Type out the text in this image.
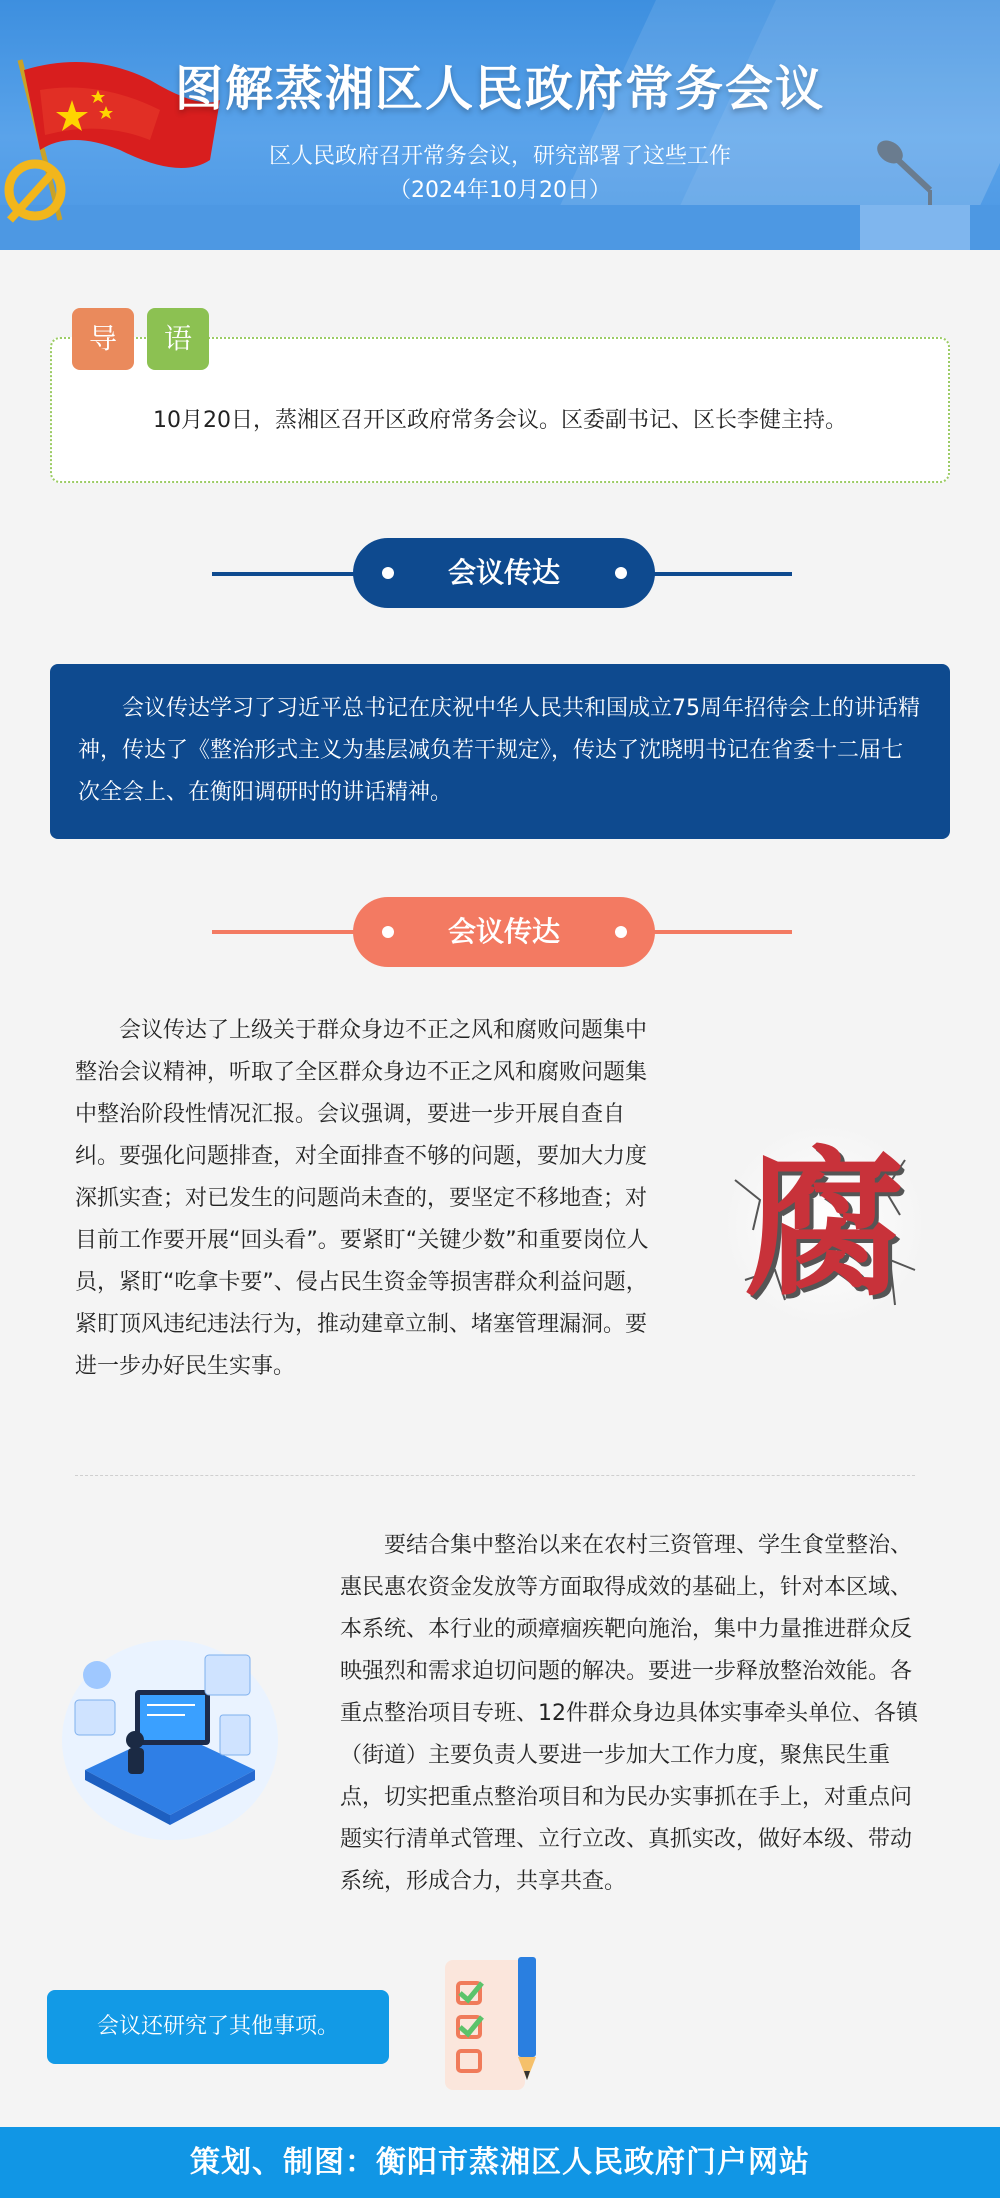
图解蒸湘区人民政府常务会议
区人民政府召开常务会议，研究部署了这些工作
（2024年10月20日）
导	语
10月20日，蒸湘区召开区政府常务会议。区委副书记、区长李健主持。
会议传达
会议传达学习了习近平总书记在庆祝中华人民共和国成立75周年招待会上的讲话精神，传达了《整治形式主义为基层减负若干规定》，传达了沈晓明书记在省委十二届七次全会上、在衡阳调研时的讲话精神。
会议传达
会议传达了上级关于群众身边不正之风和腐败问题集中整治会议精神，听取了全区群众身边不正之风和腐败问题集中整治阶段性情况汇报。会议强调，要进一步开展自查自纠。要强化问题排查，对全面排查不够的问题，要加大力度深抓实查；对已发生的问题尚未查的，要坚定不移地查；对目前工作要开展“回头看”。要紧盯“关键少数”和重要岗位人员，紧盯“吃拿卡要”、侵占民生资金等损害群众利益问题，紧盯顶风违纪违法行为，推动建章立制、堵塞管理漏洞。要进一步办好民生实事。
腐
要结合集中整治以来在农村三资管理、学生食堂整治、惠民惠农资金发放等方面取得成效的基础上，针对本区域、本系统、本行业的顽瘴痼疾靶向施治，集中力量推进群众反映强烈和需求迫切问题的解决。要进一步释放整治效能。各重点整治项目专班、12件群众身边具体实事牵头单位、各镇（街道）主要负责人要进一步加大工作力度，聚焦民生重点，切实把重点整治项目和为民办实事抓在手上，对重点问题实行清单式管理、立行立改、真抓实改，做好本级、带动系统，形成合力，共享共查。
会议还研究了其他事项。
策划、制图：衡阳市蒸湘区人民政府门户网站
